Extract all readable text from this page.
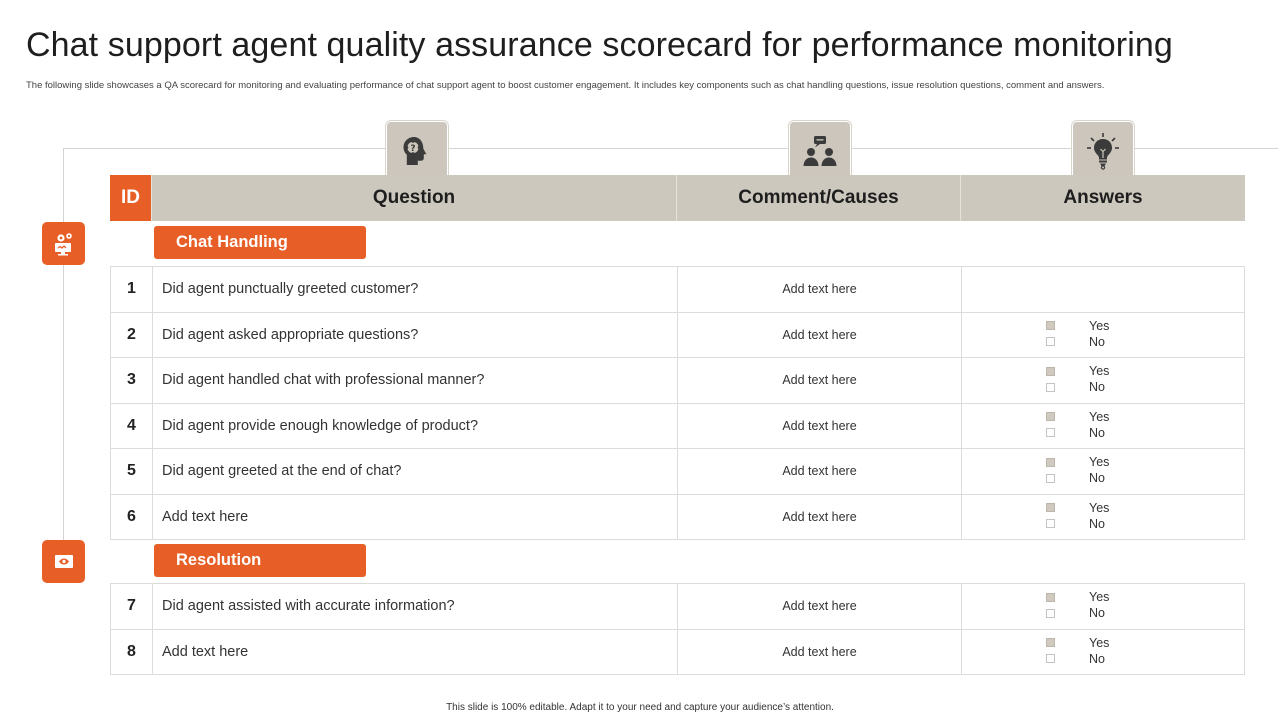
Chat support agent quality assurance scorecard for performance monitoring
The following slide showcases a QA scorecard for monitoring and evaluating performance of chat support agent to boost customer engagement. It includes key components such as chat handling questions, issue resolution questions, comment and answers.
?
ID	Question	Comment/Causes	Answers
Chat Handling
1	Did agent punctually greeted customer?	Add text here
2	Did agent asked appropriate questions?	Add text here
Yes
No
3	Did agent handled chat with professional manner?	Add text here
Yes
No
4	Did agent provide enough knowledge of product?	Add text here
Yes
No
5	Did agent greeted at the end of chat?	Add text here
Yes
No
6	Add text here	Add text here
Yes
No
Resolution
7	Did agent assisted with accurate information?	Add text here
Yes
No
8	Add text here	Add text here
Yes
No
This slide is 100% editable. Adapt it to your need and capture your audience’s attention.
